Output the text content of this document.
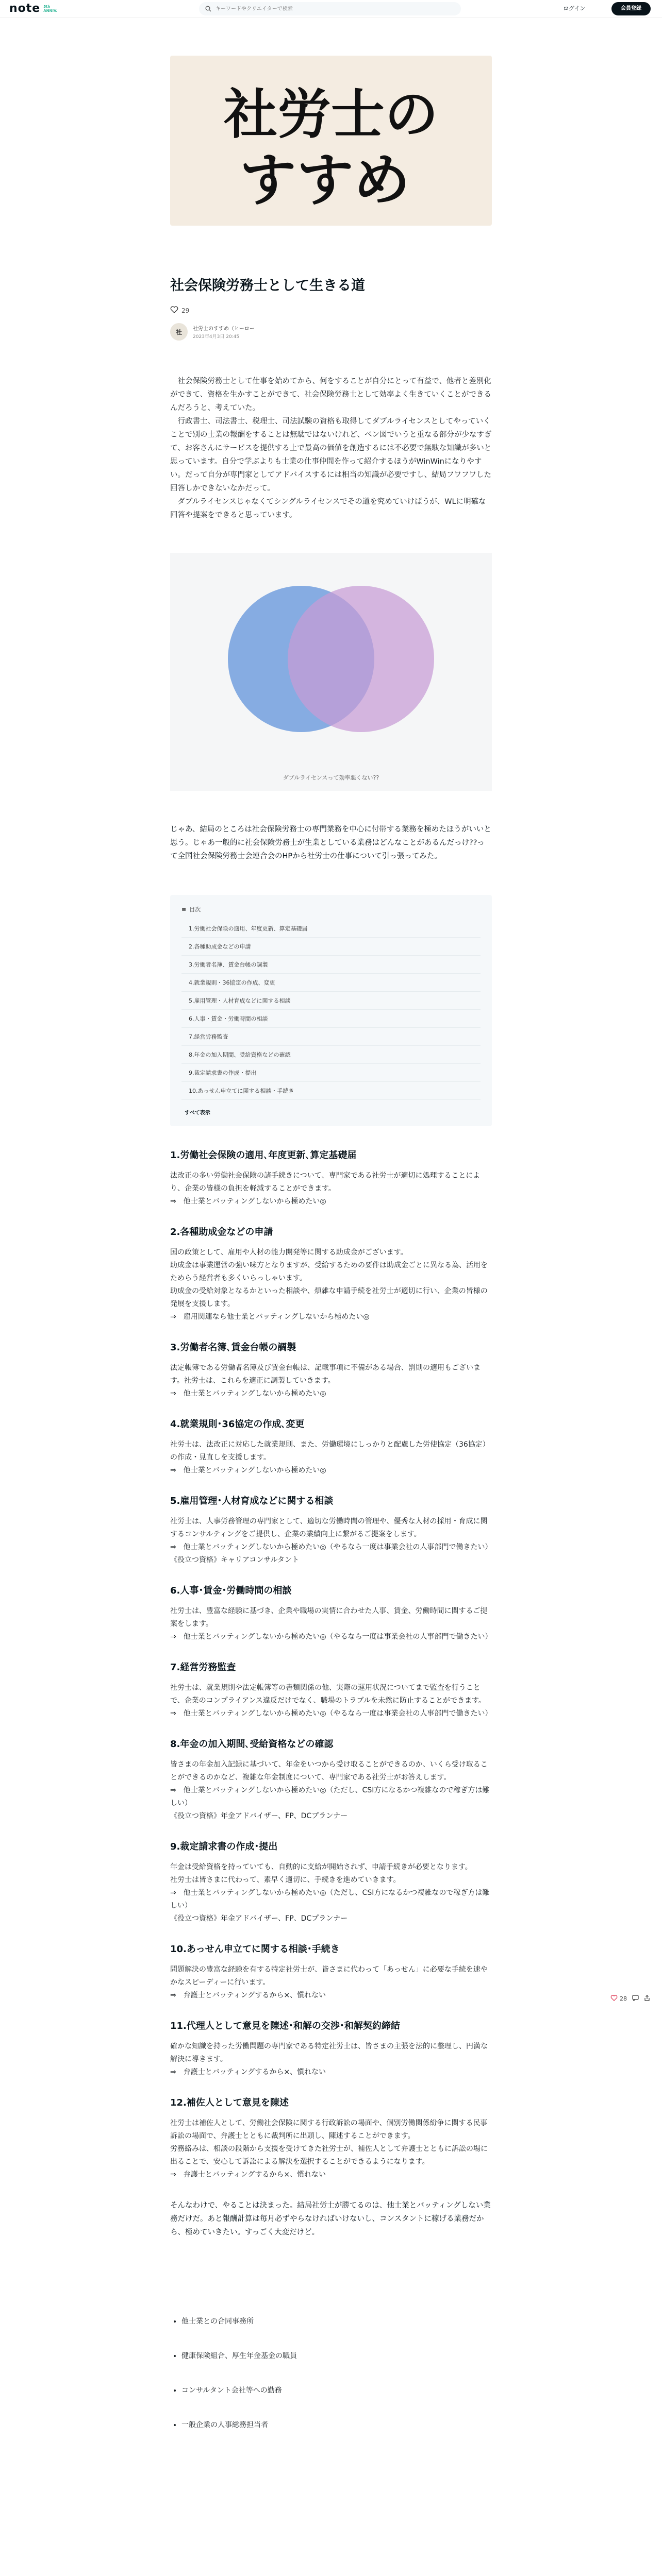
note 5th
ANNIV.
キーワードやクリエイターで検索	ログイン	会員登録
社労士の
すすめ
社会保険労務士として生きる道
29
社	社労士のすすめ（ヒーロー
2023年4月3日 20:45

社会保険労務士として仕事を始めてから、何をすることが自分にとって有益で、他者と差別化ができて、資格を生かすことができて、社会保険労務士として効率よく生きていくことができるんだろうと、考えていた。

行政書士、司法書士、税理士、司法試験の資格も取得してダブルライセンスとしてやっていくことで別の士業の報酬をすることは無駄ではないけれど、ベン図でいうと重なる部分が少なすぎて、お客さんにサービスを提供する上で最高の価値を創造するには不必要で無駄な知識が多いと思っています。自分で学ぶよりも士業の仕事仲間を作って紹介するほうがWinWinになりやすい。だって自分が専門家としてアドバイスするには相当の知識が必要ですし、結局フワフワした回答しかできないなかだって。

ダブルライセンスじゃなくてシングルライセンスでその道を究めていけばうが、WLに明確な回答や提案をできると思っています。

ダブルライセンスって効率悪くない??

じゃあ、結局のところは社会保険労務士の専門業務を中心に付帯する業務を極めたほうがいいと思う。じゃあ一般的に社会保険労務士が生業としている業務はどんなことがあるんだっけ??って全国社会保険労務士会連合会のHPから社労士の仕事について引っ張ってみた。

≡ 目次
1.労働社会保険の適用、年度更新、算定基礎届
2.各種助成金などの申請
3.労働者名簿、賃金台帳の調製
4.就業規則・36協定の作成、変更
5.雇用管理・人材育成などに関する相談
6.人事・賃金・労働時間の相談
7.経営労務監査
8.年金の加入期間、受給資格などの確認
9.裁定請求書の作成・提出
10.あっせん申立てに関する相談・手続き
すべて表示
1.労働社会保険の適用､年度更新､算定基礎届

法改正の多い労働社会保険の諸手続きについて、専門家である社労士が適切に処理することにより、企業の皆様の負担を軽減することができます。

⇒　他士業とバッティングしないから極めたい◎

2.各種助成金などの申請

国の政策として、雇用や人材の能力開発等に関する助成金がございます。

助成金は事業運営の強い味方となりますが、受給するための要件は助成金ごとに異なる為、活用をためらう経営者も多くいらっしゃいます。

助成金の受給対象となるかといった相談や、煩雑な申請手続を社労士が適切に行い、企業の皆様の発展を支援します。

⇒　雇用関連なら他士業とバッティングしないから極めたい◎

3.労働者名簿､賃金台帳の調製

法定帳簿である労働者名簿及び賃金台帳は、記載事項に不備がある場合、罰則の適用もございます。社労士は、これらを適正に調製していきます。

⇒　他士業とバッティングしないから極めたい◎

4.就業規則･36協定の作成､変更

社労士は、法改正に対応した就業規則、また、労働環境にしっかりと配慮した労使協定（36協定）の作成・見直しを支援します。

⇒　他士業とバッティングしないから極めたい◎

5.雇用管理･人材育成などに関する相談

社労士は、人事労務管理の専門家として、適切な労働時間の管理や、優秀な人材の採用・育成に関するコンサルティングをご提供し、企業の業績向上に繋がるご提案をします。

⇒　他士業とバッティングしないから極めたい◎（やるなら一度は事業会社の人事部門で働きたい）

《役立つ資格》キャリアコンサルタント

6.人事･賃金･労働時間の相談

社労士は、豊富な経験に基づき、企業や職場の実情に合わせた人事、賃金、労働時間に関するご提案をします。

⇒　他士業とバッティングしないから極めたい◎（やるなら一度は事業会社の人事部門で働きたい）

7.経営労務監査

社労士は、就業規則や法定帳簿等の書類関係の他、実際の運用状況についてまで監査を行うことで、企業のコンプライアンス違反だけでなく、職場のトラブルを未然に防止することができます。

⇒　他士業とバッティングしないから極めたい◎（やるなら一度は事業会社の人事部門で働きたい）

8.年金の加入期間､受給資格などの確認

皆さまの年金加入記録に基づいて、年金をいつから受け取ることができるのか、いくら受け取ることができるのかなど、複雑な年金制度について、専門家である社労士がお答えします。

⇒　他士業とバッティングしないから極めたい◎（ただし、CSI方になるかつ複雑なので稼ぎ方は難しい）

《役立つ資格》年金アドバイザー、FP、DCプランナー

9.裁定請求書の作成･提出

年金は受給資格を持っていても、自動的に支給が開始されず、申請手続きが必要となります。

社労士は皆さまに代わって、素早く適切に、手続きを進めていきます。

⇒　他士業とバッティングしないから極めたい◎（ただし、CSI方になるかつ複雑なので稼ぎ方は難しい）

《役立つ資格》年金アドバイザー、FP、DCプランナー

10.あっせん申立てに関する相談･手続き

問題解決の豊富な経験を有する特定社労士が、皆さまに代わって「あっせん」に必要な手続を速やかなスピーディーに行います。

⇒　弁護士とバッティングするから×、慣れない

11.代理人として意見を陳述･和解の交渉･和解契約締結

確かな知識を持った労働問題の専門家である特定社労士は、皆さまの主張を法的に整理し、円満な解決に導きます。

⇒　弁護士とバッティングするから×、慣れない

12.補佐人として意見を陳述

社労士は補佐人として、労働社会保険に関する行政訴訟の場面や、個別労働関係紛争に関する民事訴訟の場面で、弁護士とともに裁判所に出頭し、陳述することができます。

労務絡みは、相談の段階から支援を受けてきた社労士が、補佐人として弁護士とともに訴訟の場に出ることで、安心して訴訟による解決を選択することができるようになります。

⇒　弁護士とバッティングするから×、慣れない

そんなわけで、やることは決まった。結局社労士が勝てるのは、他士業とバッティングしない業務だけだ。あと報酬計算は毎月必ずやらなければいけないし、コンスタントに稼げる業務だから、極めていきたい。すっごく大変だけど。

• 他士業との合同事務所
• 健康保険組合、厚生年金基金の職員
• コンサルタント会社等への勤務
• 一般企業の人事総務担当者
28
